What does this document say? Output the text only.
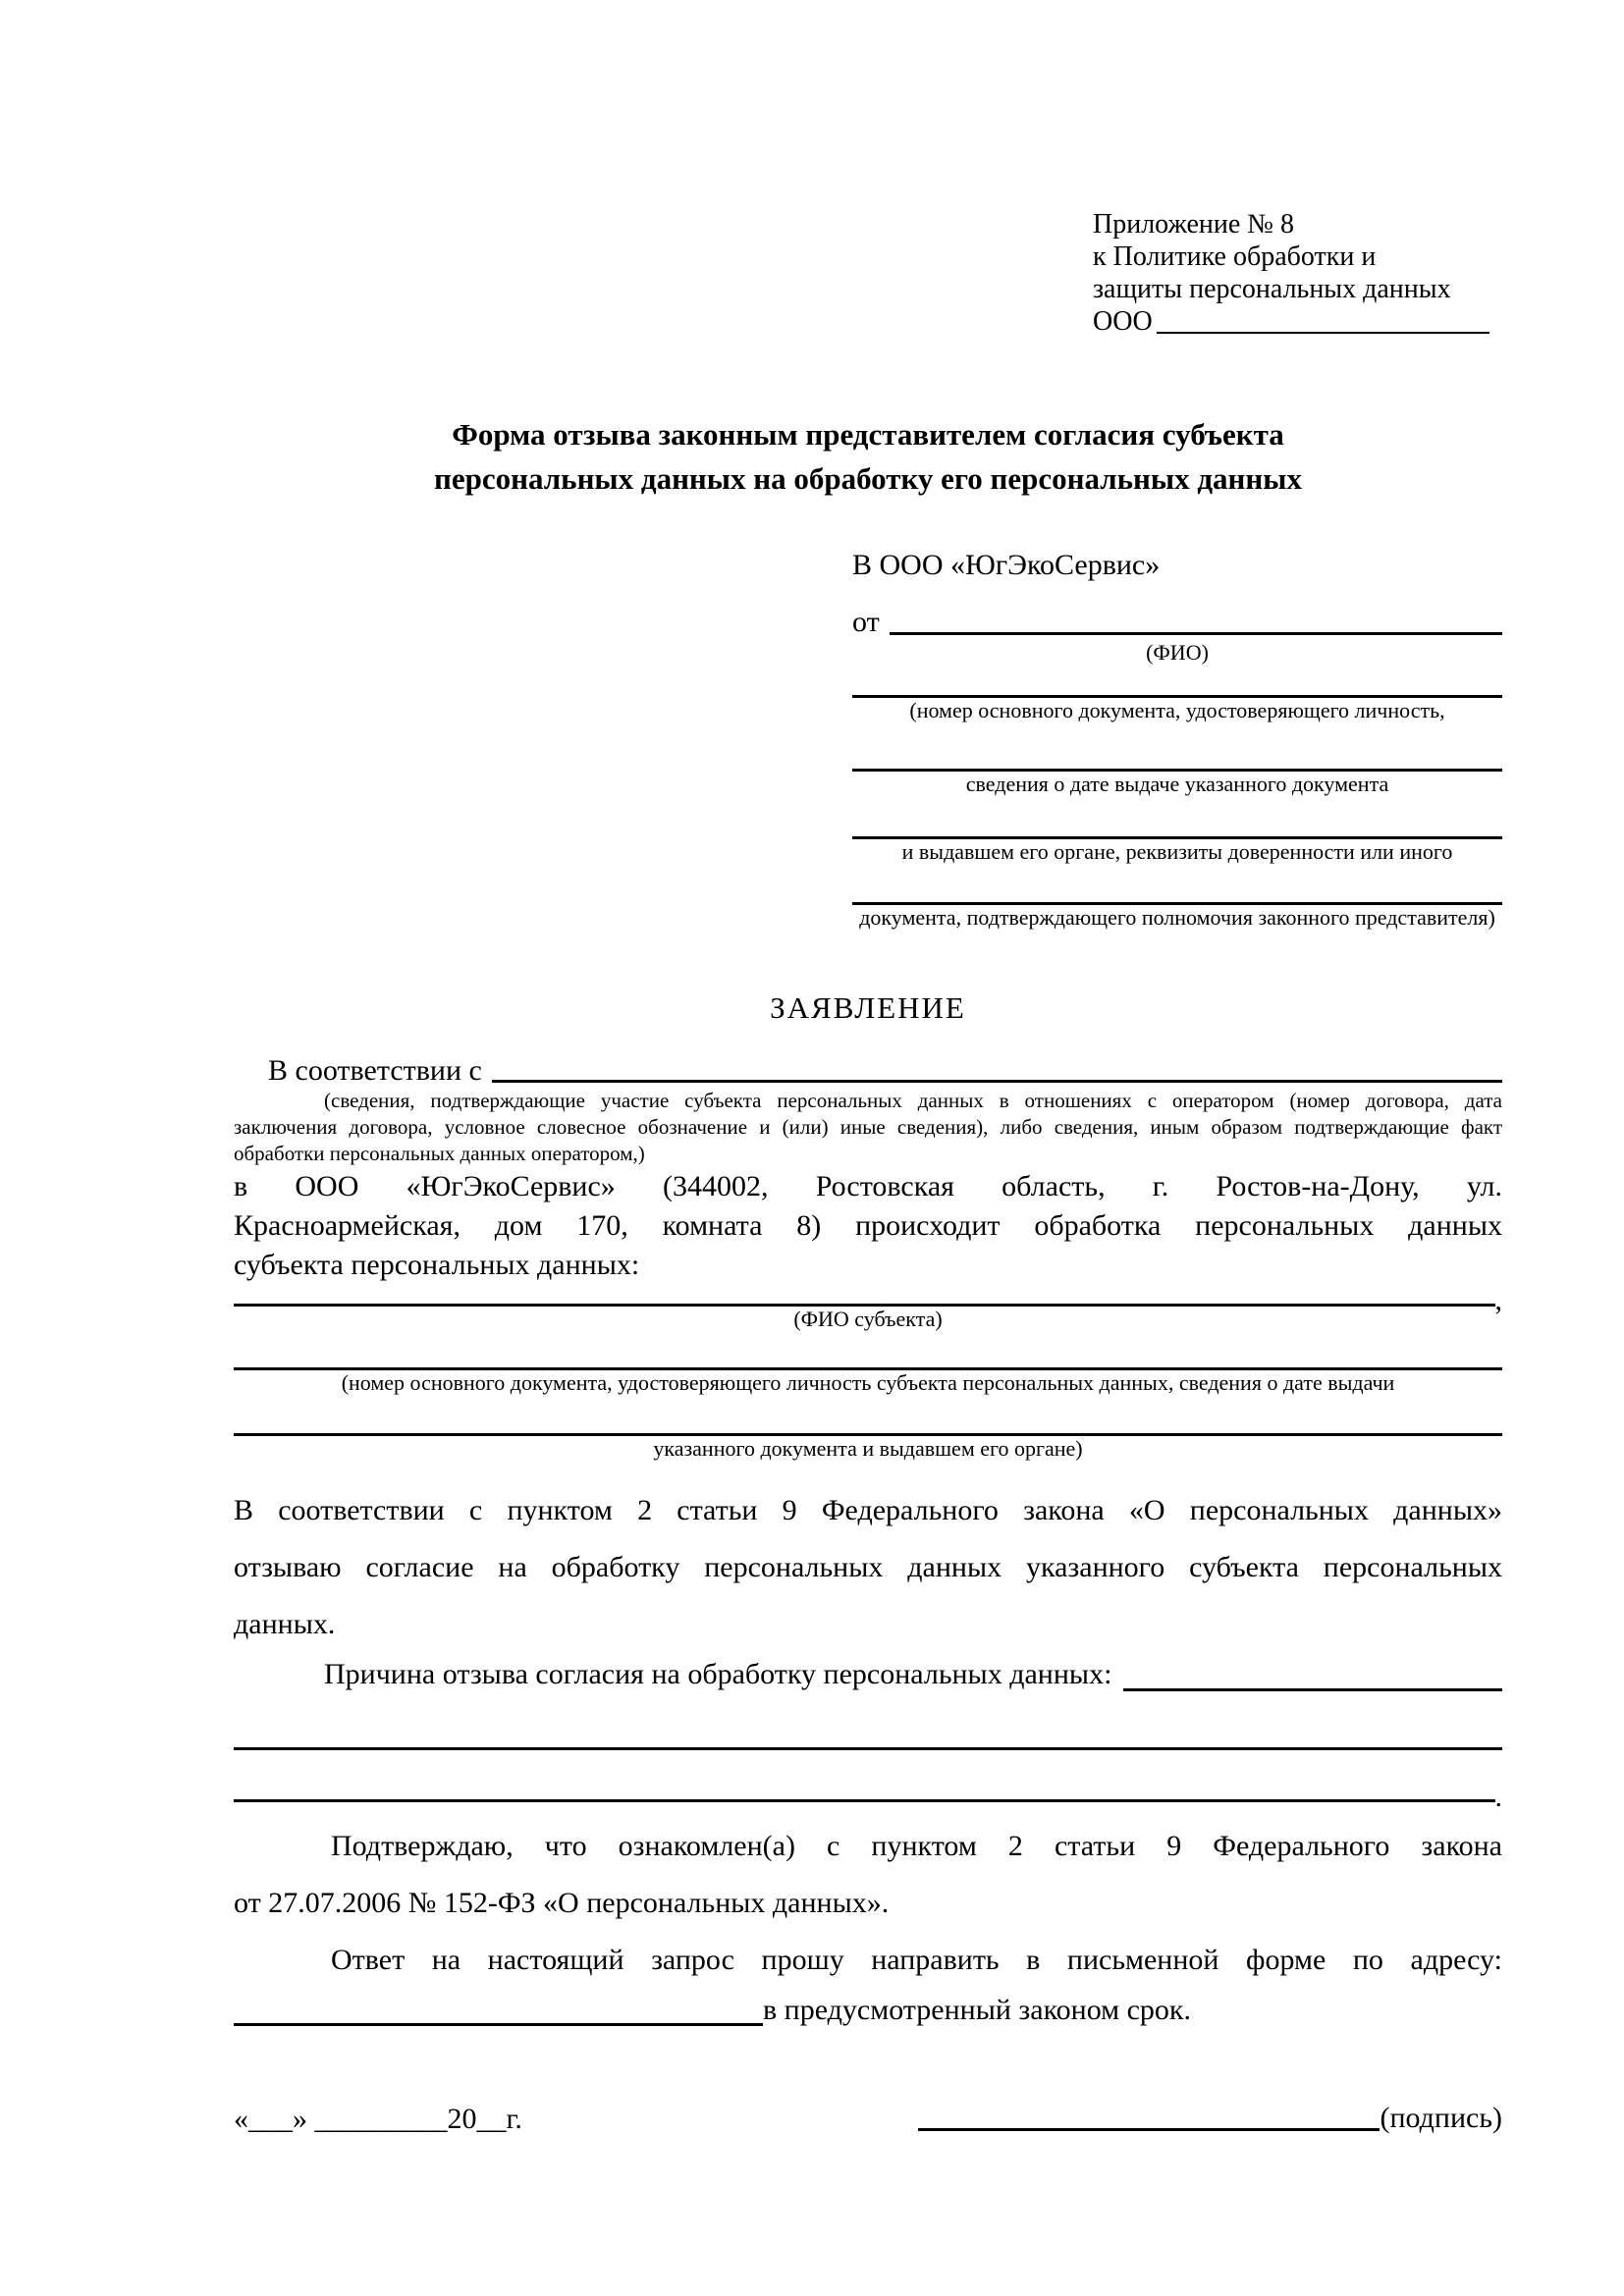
Приложение № 8
к Политике обработки и
защиты персональных данных
ООО
Форма отзыва законным представителем согласия субъекта
персональных данных на обработку его персональных данных
В ООО «ЮгЭкоСервис»
от
(ФИО)
(номер основного документа, удостоверяющего личность,
сведения о дате выдаче указанного документа
и выдавшем его органе, реквизиты доверенности или иного
документа, подтверждающего полномочия законного представителя)
ЗАЯВЛЕНИЕ
В соответствии с
(сведения, подтверждающие участие субъекта персональных данных в отношениях с оператором (номер договора, дата
заключения договора, условное словесное обозначение и (или) иные сведения), либо сведения, иным образом подтверждающие факт
обработки персональных данных оператором,)
в ООО «ЮгЭкоСервис» (344002, Ростовская область, г. Ростов-на-Дону, ул.
Красноармейская, дом 170, комната 8) происходит обработка персональных данных
субъекта персональных данных:
,
(ФИО субъекта)
(номер основного документа, удостоверяющего личность субъекта персональных данных, сведения о дате выдачи
указанного документа и выдавшем его органе)
В соответствии с пунктом 2 статьи 9 Федерального закона «О персональных данных»
отзываю согласие на обработку персональных данных указанного субъекта персональных
данных.
Причина отзыва согласия на обработку персональных данных:
.
Подтверждаю, что ознакомлен(а) с пунктом 2 статьи 9 Федерального закона
от 27.07.2006 № 152-ФЗ «О персональных данных».
Ответ на настоящий запрос прошу направить в письменной форме по адресу:
в предусмотренный законом срок.
«___» _________20__г.	(подпись)
